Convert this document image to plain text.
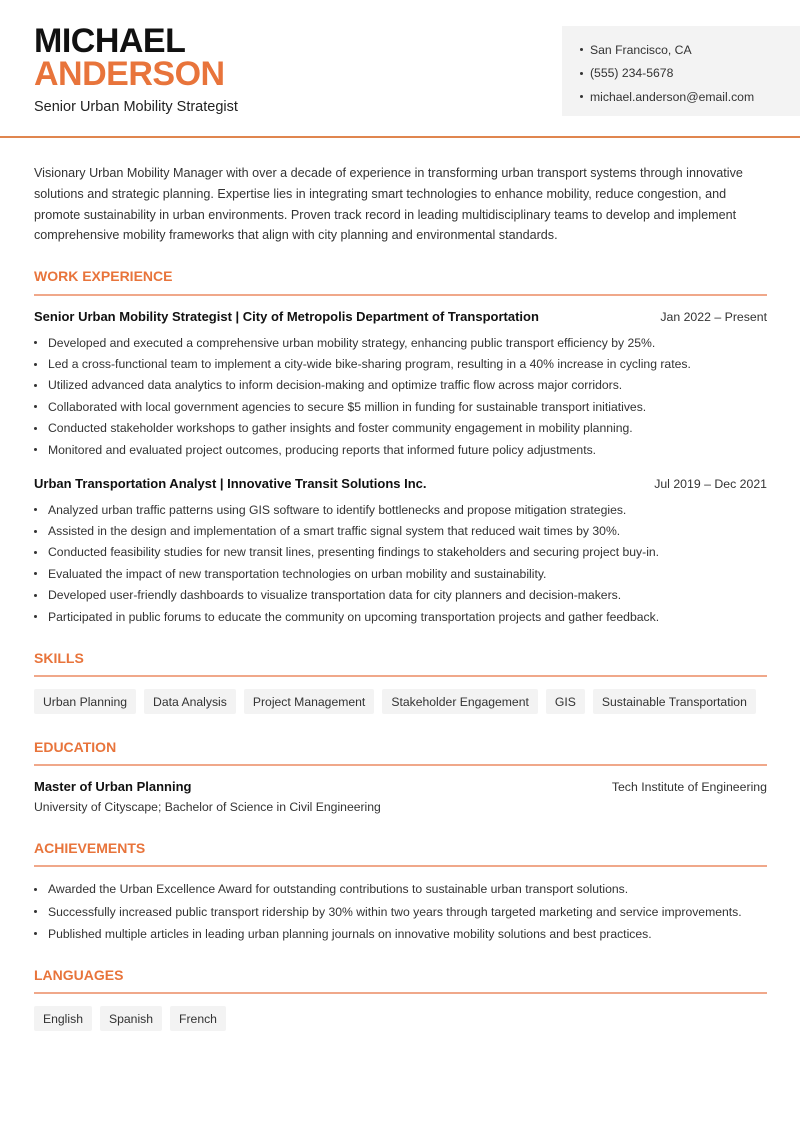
MICHAEL
ANDERSON
Senior Urban Mobility Strategist
San Francisco, CA
(555) 234-5678
michael.anderson@email.com

Visionary Urban Mobility Manager with over a decade of experience in transforming urban transport systems through innovative solutions and strategic planning. Expertise lies in integrating smart technologies to enhance mobility, reduce congestion, and promote sustainability in urban environments. Proven track record in leading multidisciplinary teams to develop and implement comprehensive mobility frameworks that align with city planning and environmental standards.

WORK EXPERIENCE
Senior Urban Mobility Strategist | City of Metropolis Department of Transportation	Jan 2022 – Present
Developed and executed a comprehensive urban mobility strategy, enhancing public transport efficiency by 25%.
Led a cross-functional team to implement a city-wide bike-sharing program, resulting in a 40% increase in cycling rates.
Utilized advanced data analytics to inform decision-making and optimize traffic flow across major corridors.
Collaborated with local government agencies to secure $5 million in funding for sustainable transport initiatives.
Conducted stakeholder workshops to gather insights and foster community engagement in mobility planning.
Monitored and evaluated project outcomes, producing reports that informed future policy adjustments.
Urban Transportation Analyst | Innovative Transit Solutions Inc.	Jul 2019 – Dec 2021
Analyzed urban traffic patterns using GIS software to identify bottlenecks and propose mitigation strategies.
Assisted in the design and implementation of a smart traffic signal system that reduced wait times by 30%.
Conducted feasibility studies for new transit lines, presenting findings to stakeholders and securing project buy-in.
Evaluated the impact of new transportation technologies on urban mobility and sustainability.
Developed user-friendly dashboards to visualize transportation data for city planners and decision-makers.
Participated in public forums to educate the community on upcoming transportation projects and gather feedback.
SKILLS
Urban Planning	Data Analysis	Project Management	Stakeholder Engagement	GIS	Sustainable Transportation
EDUCATION
Master of Urban Planning	Tech Institute of Engineering
University of Cityscape; Bachelor of Science in Civil Engineering
ACHIEVEMENTS
Awarded the Urban Excellence Award for outstanding contributions to sustainable urban transport solutions.
Successfully increased public transport ridership by 30% within two years through targeted marketing and service improvements.
Published multiple articles in leading urban planning journals on innovative mobility solutions and best practices.
LANGUAGES
English	Spanish	French
